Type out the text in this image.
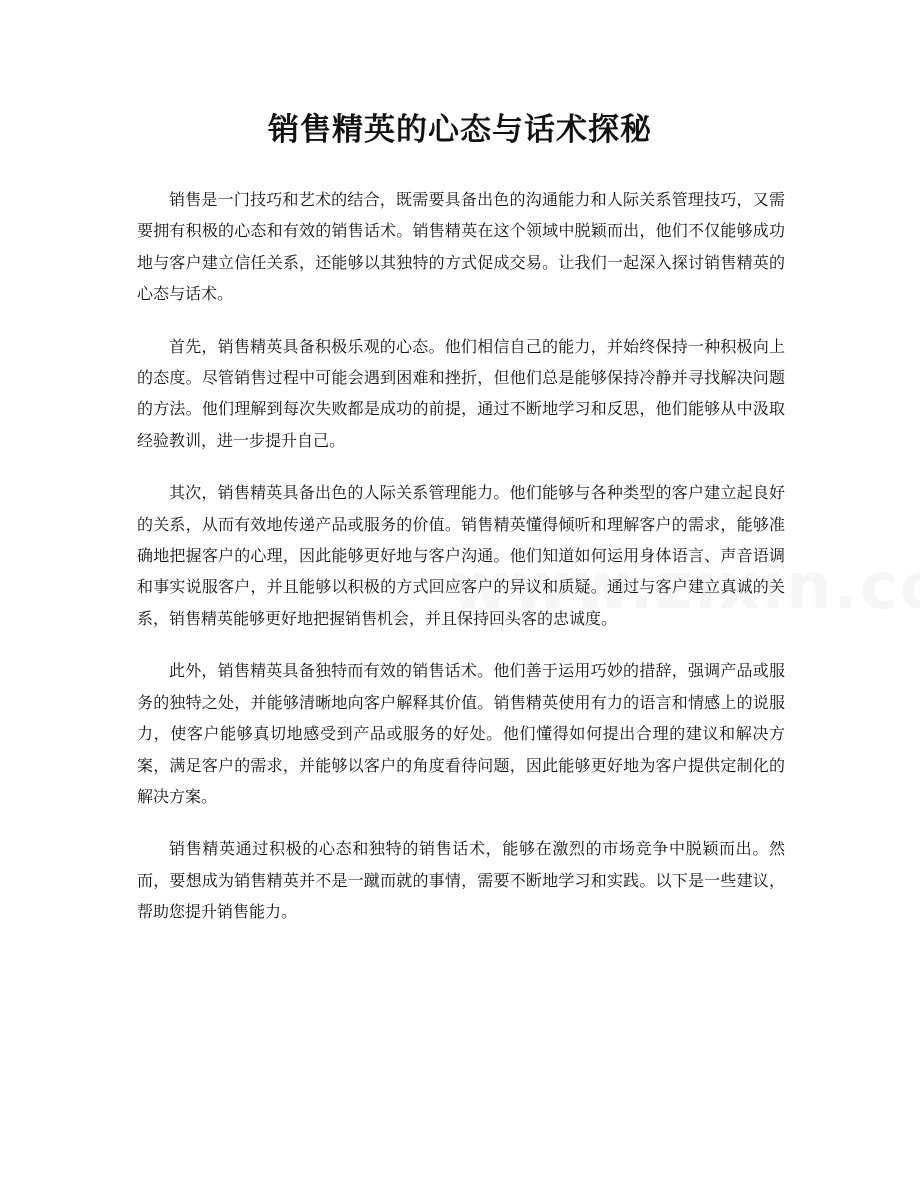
销售精英的心态与话术探秘

销售是一门技巧和艺术的结合，既需要具备出色的沟通能力和人际关系管理技巧，又需要拥有积极的心态和有效的销售话术。销售精英在这个领域中脱颖而出，他们不仅能够成功地与客户建立信任关系，还能够以其独特的方式促成交易。让我们一起深入探讨销售精英的心态与话术。

首先，销售精英具备积极乐观的心态。他们相信自己的能力，并始终保持一种积极向上的态度。尽管销售过程中可能会遇到困难和挫折，但他们总是能够保持冷静并寻找解决问题的方法。他们理解到每次失败都是成功的前提，通过不断地学习和反思，他们能够从中汲取经验教训，进一步提升自己。

其次，销售精英具备出色的人际关系管理能力。他们能够与各种类型的客户建立起良好的关系，从而有效地传递产品或服务的价值。销售精英懂得倾听和理解客户的需求，能够准确地把握客户的心理，因此能够更好地与客户沟通。他们知道如何运用身体语言、声音语调和事实说服客户，并且能够以积极的方式回应客户的异议和质疑。通过与客户建立真诚的关系，销售精英能够更好地把握销售机会，并且保持回头客的忠诚度。

此外，销售精英具备独特而有效的销售话术。他们善于运用巧妙的措辞，强调产品或服务的独特之处，并能够清晰地向客户解释其价值。销售精英使用有力的语言和情感上的说服力，使客户能够真切地感受到产品或服务的好处。他们懂得如何提出合理的建议和解决方案，满足客户的需求，并能够以客户的角度看待问题，因此能够更好地为客户提供定制化的解决方案。

销售精英通过积极的心态和独特的销售话术，能够在激烈的市场竞争中脱颖而出。然而，要想成为销售精英并不是一蹴而就的事情，需要不断地学习和实践。以下是一些建议，帮助您提升销售能力。
